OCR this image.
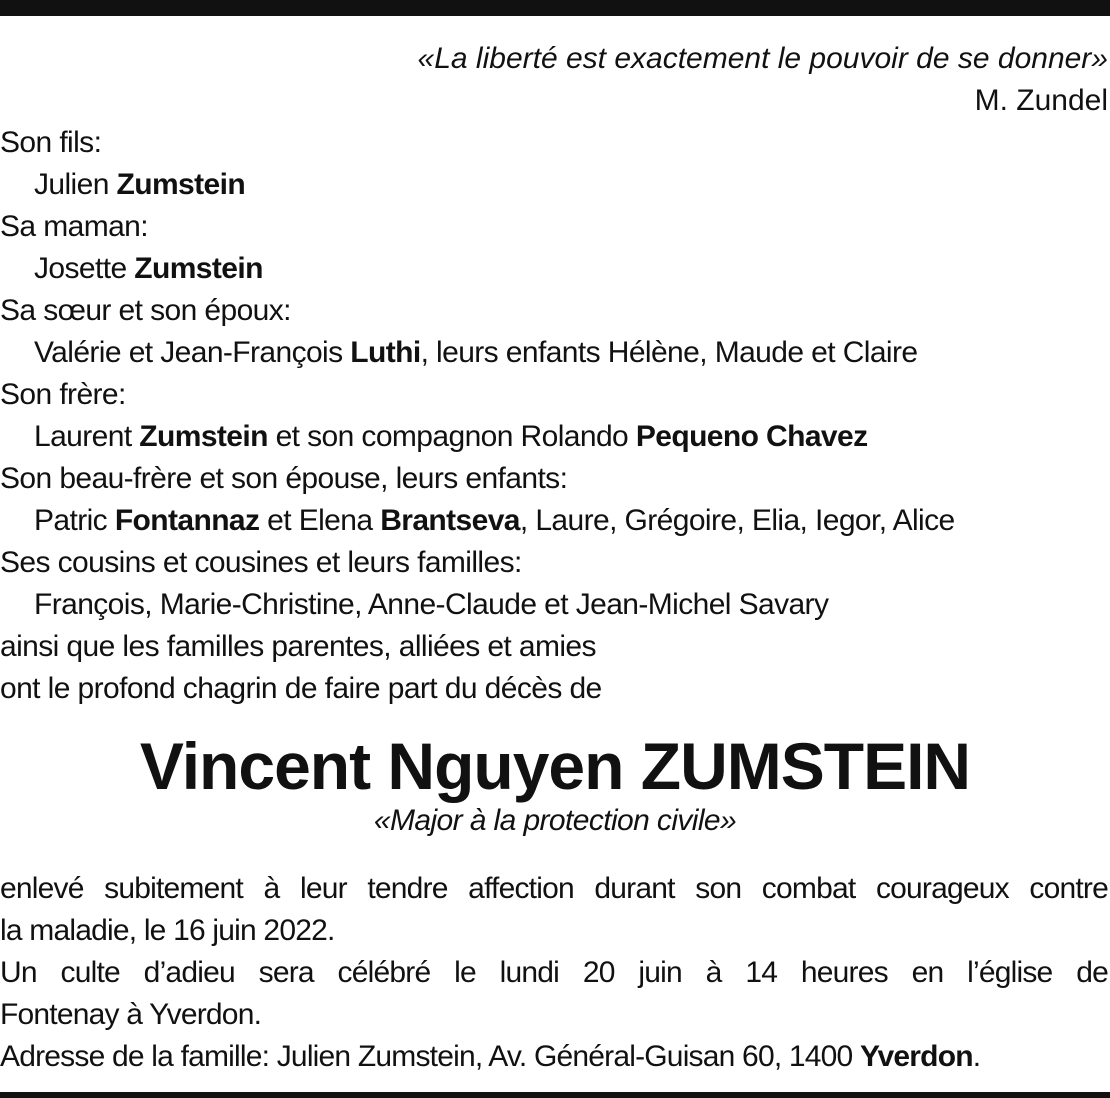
«La liberté est exactement le pouvoir de se donner»
M. Zundel
Son fils:
Julien Zumstein
Sa maman:
Josette Zumstein
Sa sœur et son époux:
Valérie et Jean-François Luthi, leurs enfants Hélène, Maude et Claire
Son frère:
Laurent Zumstein et son compagnon Rolando Pequeno Chavez
Son beau-frère et son épouse, leurs enfants:
Patric Fontannaz et Elena Brantseva, Laure, Grégoire, Elia, Iegor, Alice
Ses cousins et cousines et leurs familles:
François, Marie-Christine, Anne-Claude et Jean-Michel Savary
ainsi que les familles parentes, alliées et amies
ont le profond chagrin de faire part du décès de
Vincent Nguyen ZUMSTEIN
«Major à la protection civile»
enlevé subitement à leur tendre affection durant son combat courageux contre
la maladie, le 16 juin 2022.
Un culte d’adieu sera célébré le lundi 20 juin à 14 heures en l’église de
Fontenay à Yverdon.
Adresse de la famille: Julien Zumstein, Av. Général-Guisan 60, 1400 Yverdon.
